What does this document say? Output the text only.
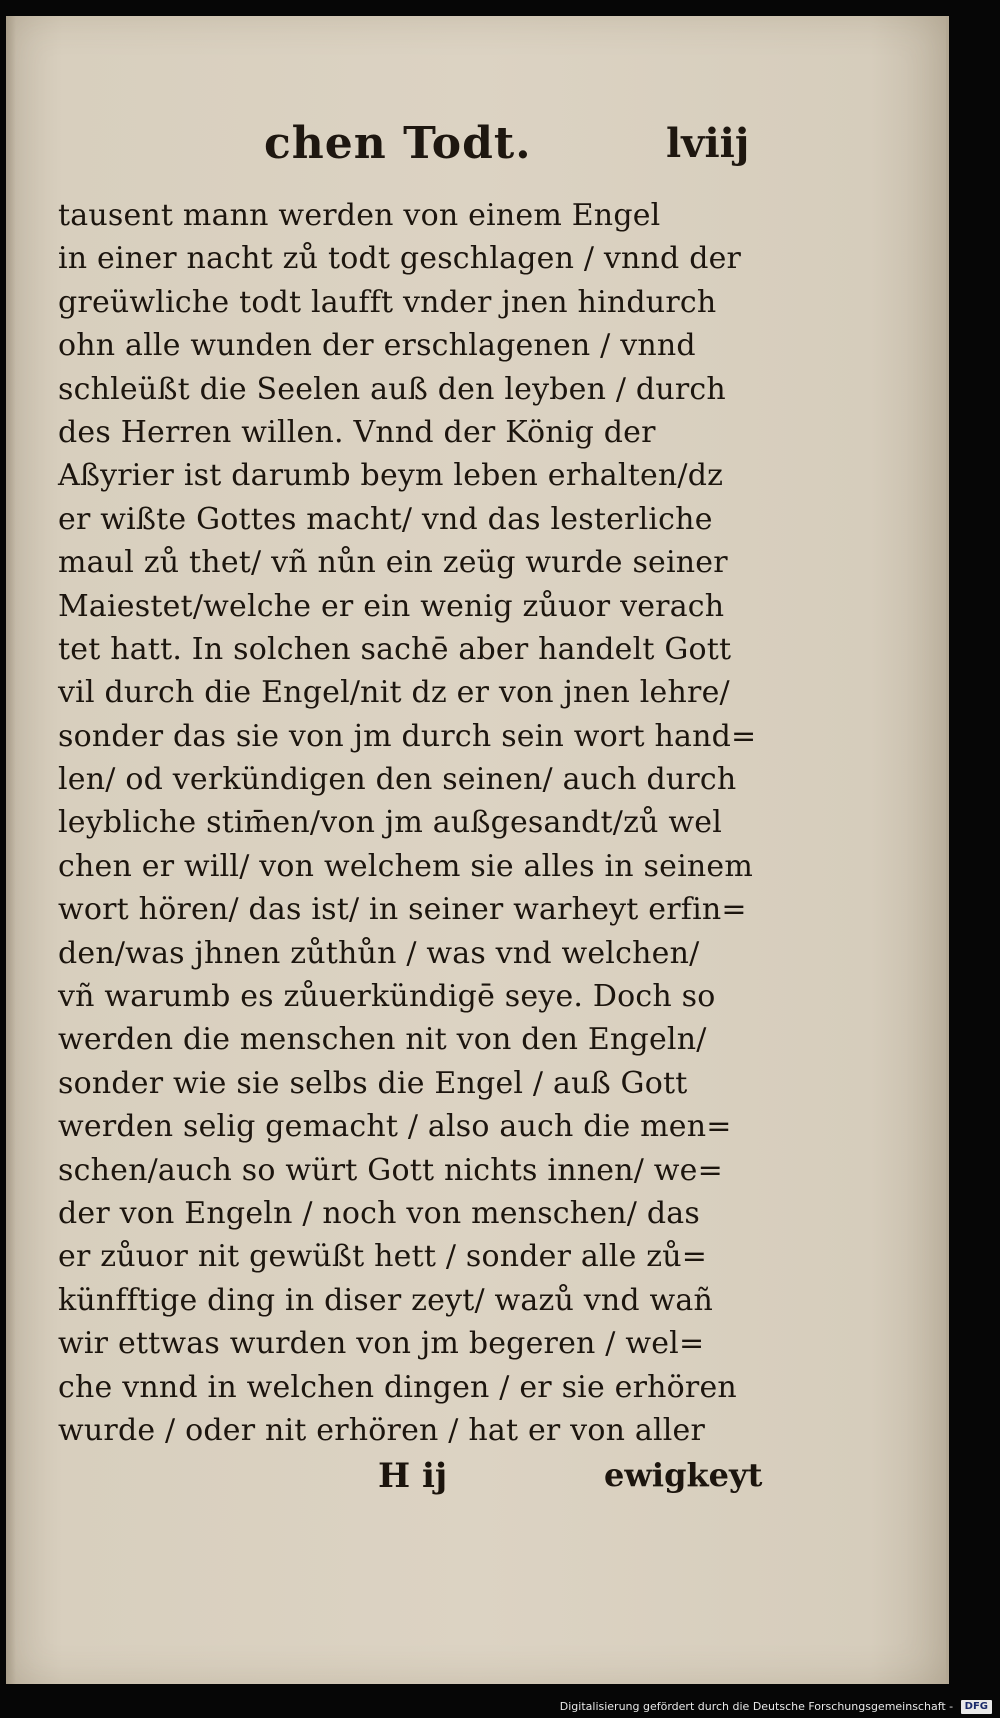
chen Todt.	lviij
tausent mann werden von einem Engel
in einer nacht zů todt geschlagen / vnnd der
greüwliche todt laufft vnder jnen hindurch
ohn alle wunden der erschlagenen / vnnd
schleüßt die Seelen auß den leyben / durch
des Herren willen. Vnnd der König der
Aßyrier ist darumb beym leben erhalten/dz
er wißte Gottes macht/ vnd das lesterliche
maul zů thet/ vñ nůn ein zeüg wurde seiner
Maiestet/welche er ein wenig zůuor verach
tet hatt. In solchen sachē aber handelt Gott
vil durch die Engel/nit dz er von jnen lehre/
sonder das sie von jm durch sein wort hand=
len/ od verkündigen den seinen/ auch durch
leybliche stim̄en/von jm außgesandt/zů wel
chen er will/ von welchem sie alles in seinem
wort hören/ das ist/ in seiner warheyt erfin=
den/was jhnen zůthůn / was vnd welchen/
vñ warumb es zůuerkündigē seye. Doch so
werden die menschen nit von den Engeln/
sonder wie sie selbs die Engel / auß Gott
werden selig gemacht / also auch die men=
schen/auch so würt Gott nichts innen/ we=
der von Engeln / noch von menschen/ das
er zůuor nit gewüßt hett / sonder alle zů=
künfftige ding in diser zeyt/ wazů vnd wañ
wir ettwas wurden von jm begeren / wel=
che vnnd in welchen dingen / er sie erhören
wurde / oder nit erhören / hat er von aller
H ij	ewigkeyt
Digitalisierung gefördert durch die Deutsche Forschungsgemeinschaft - DFG
